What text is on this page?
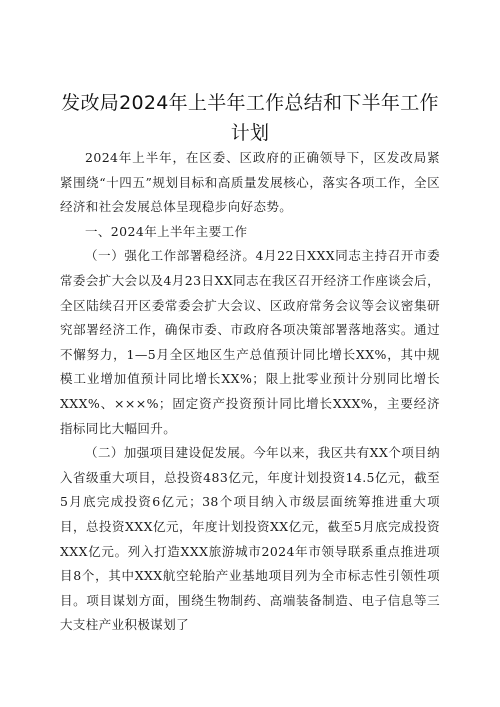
发改局2024年上半年工作总结和下半年工作计划

2024年上半年，在区委、区政府的正确领导下，区发改局紧紧围绕“十四五”规划目标和高质量发展核心，落实各项工作，全区经济和社会发展总体呈现稳步向好态势。

一、2024年上半年主要工作

（一）强化工作部署稳经济。4月22日XXX同志主持召开市委常委会扩大会以及4月23日XX同志在我区召开经济工作座谈会后，全区陆续召开区委常委会扩大会议、区政府常务会议等会议密集研究部署经济工作，确保市委、市政府各项决策部署落地落实。通过不懈努力，1—5月全区地区生产总值预计同比增长XX%，其中规模工业增加值预计同比增长XX%；限上批零业预计分别同比增长XXX%、×××%；固定资产投资预计同比增长XXX%，主要经济指标同比大幅回升。

（二）加强项目建设促发展。今年以来，我区共有XX个项目纳入省级重大项目，总投资483亿元，年度计划投资14.5亿元，截至5月底完成投资6亿元；38个项目纳入市级层面统筹推进重大项目，总投资XXX亿元，年度计划投资XX亿元，截至5月底完成投资XXX亿元。列入打造XXX旅游城市2024年市领导联系重点推进项目8个，其中XXX航空轮胎产业基地项目列为全市标志性引领性项目。项目谋划方面，围绕生物制药、高端装备制造、电子信息等三大支柱产业积极谋划了
